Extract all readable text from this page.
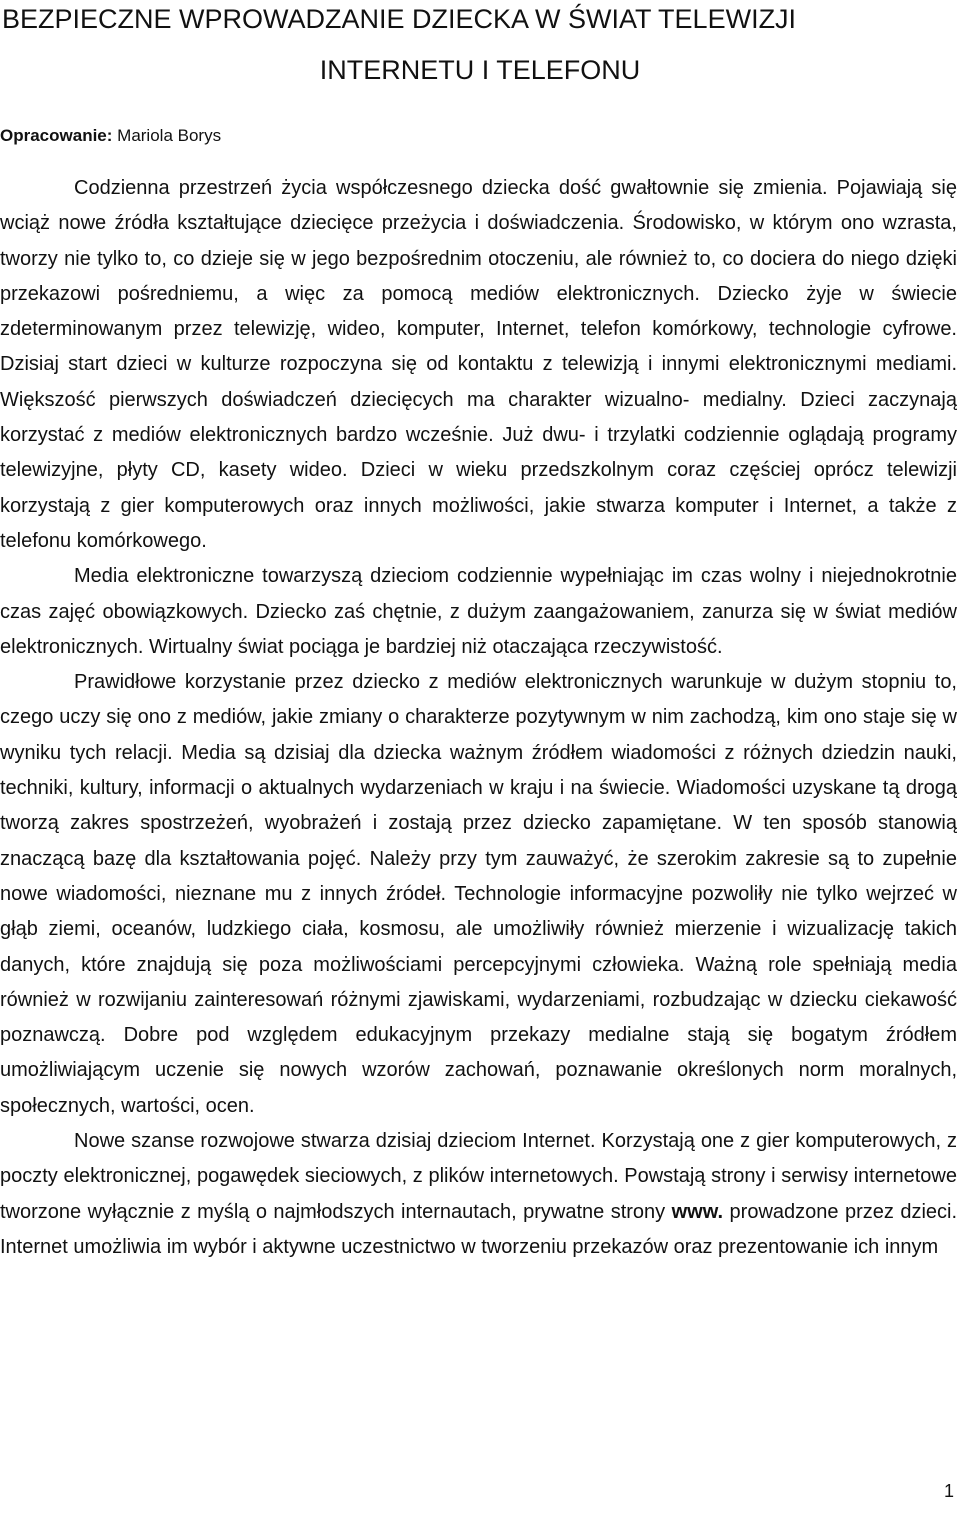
BEZPIECZNE WPROWADZANIE DZIECKA W ŚWIAT TELEWIZJI
INTERNETU I TELEFONU
Opracowanie: Mariola Borys

Codzienna przestrzeń życia współczesnego dziecka dość gwałtownie się zmienia. Pojawiają się wciąż nowe źródła kształtujące dziecięce przeżycia i doświadczenia. Środowisko, w którym ono wzrasta, tworzy nie tylko to, co dzieje się w jego bezpośrednim otoczeniu, ale również to, co dociera do niego dzięki przekazowi pośredniemu, a więc za pomocą mediów elektronicznych. Dziecko żyje w świecie zdeterminowanym przez telewizję, wideo, komputer, Internet, telefon komórkowy, technologie cyfrowe. Dzisiaj start dzieci w kulturze rozpoczyna się od kontaktu z telewizją i innymi elektronicznymi mediami. Większość pierwszych doświadczeń dziecięcych ma charakter wizualno- medialny. Dzieci zaczynają korzystać z mediów elektronicznych bardzo wcześnie. Już dwu- i trzylatki codziennie oglądają programy telewizyjne, płyty CD, kasety wideo. Dzieci w wieku przedszkolnym coraz częściej oprócz telewizji korzystają z gier komputerowych oraz innych możliwości, jakie stwarza komputer i Internet, a także z telefonu komórkowego.

Media elektroniczne towarzyszą dzieciom codziennie wypełniając im czas wolny i niejednokrotnie czas zajęć obowiązkowych. Dziecko zaś chętnie, z dużym zaangażowaniem, zanurza się w świat mediów elektronicznych. Wirtualny świat pociąga je bardziej niż otaczająca rzeczywistość.

Prawidłowe korzystanie przez dziecko z mediów elektronicznych warunkuje w dużym stopniu to, czego uczy się ono z mediów, jakie zmiany o charakterze pozytywnym w nim zachodzą, kim ono staje się w wyniku tych relacji. Media są dzisiaj dla dziecka ważnym źródłem wiadomości z różnych dziedzin nauki, techniki, kultury, informacji o aktualnych wydarzeniach w kraju i na świecie. Wiadomości uzyskane tą drogą tworzą zakres spostrzeżeń, wyobrażeń i zostają przez dziecko zapamiętane. W ten sposób stanowią znaczącą bazę dla kształtowania pojęć. Należy przy tym zauważyć, że szerokim zakresie są to zupełnie nowe wiadomości, nieznane mu z innych źródeł. Technologie informacyjne pozwoliły nie tylko wejrzeć w głąb ziemi, oceanów, ludzkiego ciała, kosmosu, ale umożliwiły również mierzenie i wizualizację takich danych, które znajdują się poza możliwościami percepcyjnymi człowieka. Ważną role spełniają media również w rozwijaniu zainteresowań różnymi zjawiskami, wydarzeniami, rozbudzając w dziecku ciekawość poznawczą. Dobre pod względem edukacyjnym przekazy medialne stają się bogatym źródłem umożliwiającym uczenie się nowych wzorów zachowań, poznawanie określonych norm moralnych, społecznych, wartości, ocen.

Nowe szanse rozwojowe stwarza dzisiaj dzieciom Internet. Korzystają one z gier komputerowych, z poczty elektronicznej, pogawędek sieciowych, z plików internetowych. Powstają strony i serwisy internetowe tworzone wyłącznie z myślą o najmłodszych internautach, prywatne strony www. prowadzone przez dzieci. Internet umożliwia im wybór i aktywne uczestnictwo w tworzeniu przekazów oraz prezentowanie ich innym

1
